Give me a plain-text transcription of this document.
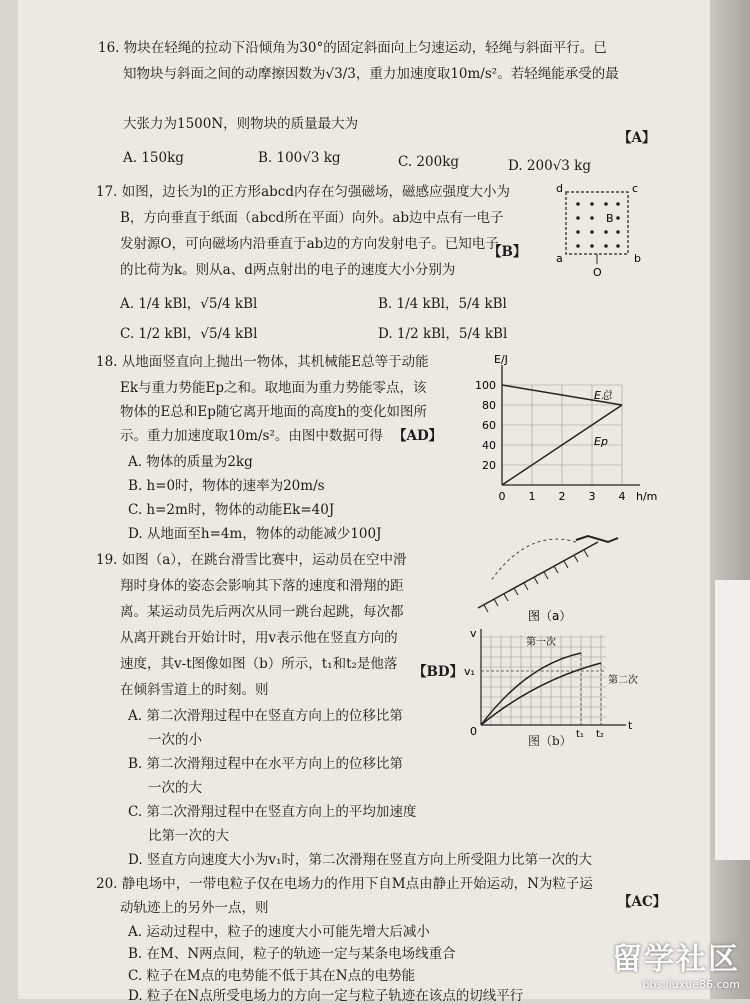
16. 物块在轻绳的拉动下沿倾角为30°的固定斜面向上匀速运动，轻绳与斜面平行。已
知物块与斜面之间的动摩擦因数为√3/3，重力加速度取10m/s²。若轻绳能承受的最
大张力为1500N，则物块的质量最大为
【A】
A. 150kg	B. 100√3 kg	C. 200kg	D. 200√3 kg
17. 如图，边长为l的正方形abcd内存在匀强磁场，磁感应强度大小为
B，方向垂直于纸面（abcd所在平面）向外。ab边中点有一电子
发射源O，可向磁场内沿垂直于ab边的方向发射电子。已知电子
的比荷为k。则从a、d两点射出的电子的速度大小分别为
【B】
A. 1/4 kBl，√5/4 kBl	B. 1/4 kBl，5/4 kBl
C. 1/2 kBl，√5/4 kBl	D. 1/2 kBl，5/4 kBl
B
d	c
a	b
O
18. 从地面竖直向上抛出一物体，其机械能E总等于动能
Ek与重力势能Ep之和。取地面为重力势能零点，该
物体的E总和Ep随它离开地面的高度h的变化如图所
示。重力加速度取10m/s²。由图中数据可得 【AD】
A. 物体的质量为2kg
B. h=0时，物体的速率为20m/s
C. h=2m时，物体的动能Ek=40J
D. 从地面至h=4m，物体的动能减少100J
20
40
60
80
100
0 1 2 3 4
E/J
h/m
E总
Ep
19. 如图（a），在跳台滑雪比赛中，运动员在空中滑
翔时身体的姿态会影响其下落的速度和滑翔的距
离。某运动员先后两次从同一跳台起跳，每次都
从离开跳台开始计时，用v表示他在竖直方向的
速度，其v-t图像如图（b）所示，t₁和t₂是他落
在倾斜雪道上的时刻。则
【BD】
A. 第二次滑翔过程中在竖直方向上的位移比第
一次的小
B. 第二次滑翔过程中在水平方向上的位移比第
一次的大
C. 第二次滑翔过程中在竖直方向上的平均加速度
比第一次的大
D. 竖直方向速度大小为v₁时，第二次滑翔在竖直方向上所受阻力比第一次的大
图（a）
v
v₁
0	t₁ t₂
t
第一次
第二次
图（b）
20. 静电场中，一带电粒子仅在电场力的作用下自M点由静止开始运动，N为粒子运
【AC】
动轨迹上的另外一点，则
A. 运动过程中，粒子的速度大小可能先增大后减小
B. 在M、N两点间，粒子的轨迹一定与某条电场线重合
C. 粒子在M点的电势能不低于其在N点的电势能
D. 粒子在N点所受电场力的方向一定与粒子轨迹在该点的切线平行
留学社区
bbs.liuxue86.com
